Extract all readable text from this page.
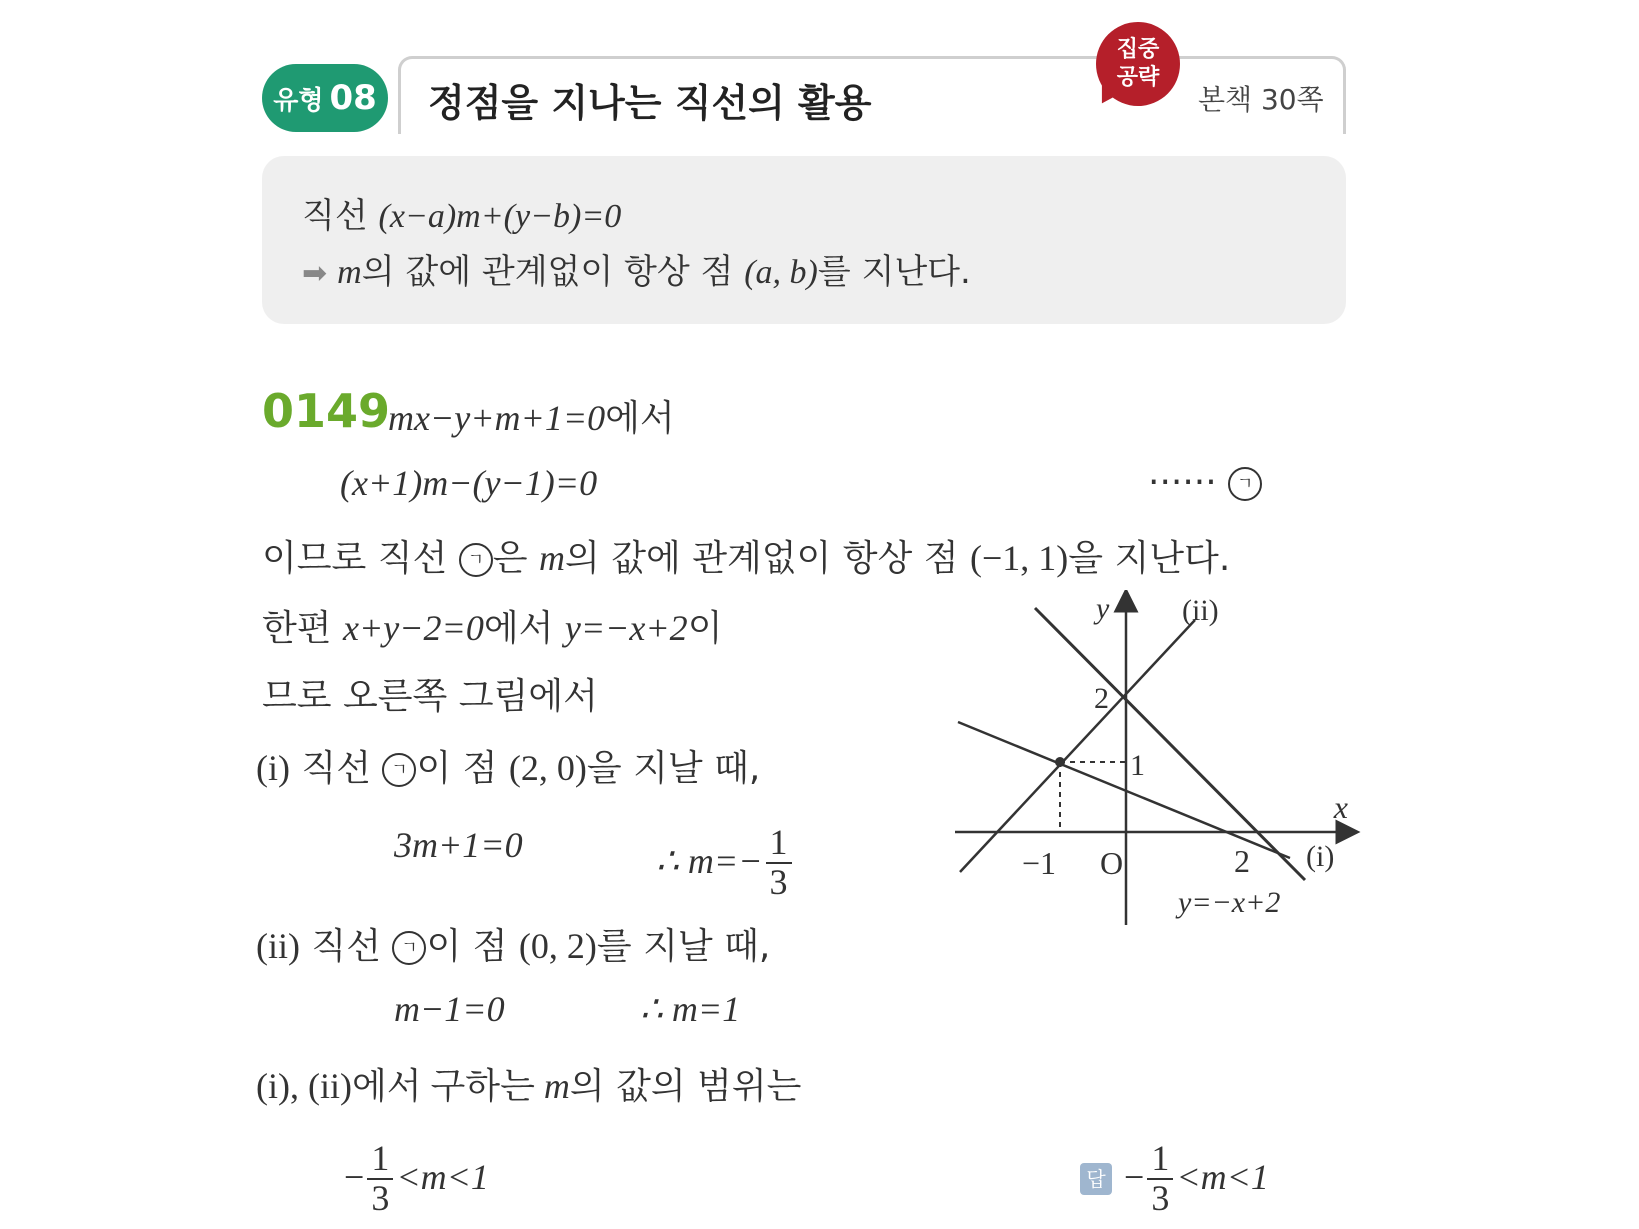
유형 08 정점을 지나는 직선의 활용
집중
공략
본책 30쪽
직선 (x−a)m+(y−b)=0
➡ m의 값에 관계없이 항상 점 (a, b)를 지난다.
0149
mx−y+m+1=0에서
(x+1)m−(y−1)=0	······ ㄱ
이므로 직선 ㄱ 은 m의 값에 관계없이 항상 점 (−1, 1)을 지난다.
한편 x+y−2=0에서 y=−x+2이
므로 오른쪽 그림에서
(i) 직선 ㄱ 이 점 (2, 0)을 지날 때,
3m+1=0	∴ $m=- \frac{1}{3}$
(ii) 직선 ㄱ 이 점 (0, 2)를 지날 때,
m−1=0	∴ m=1
(i), (ii)에서 구하는 m의 값의 범위는
− $\frac{1}{3} <m<1$	답 − $\frac{1}{3} <m<1$
x
y
O
−1	2
1
2
(ii)
(i)
y=−x+2
